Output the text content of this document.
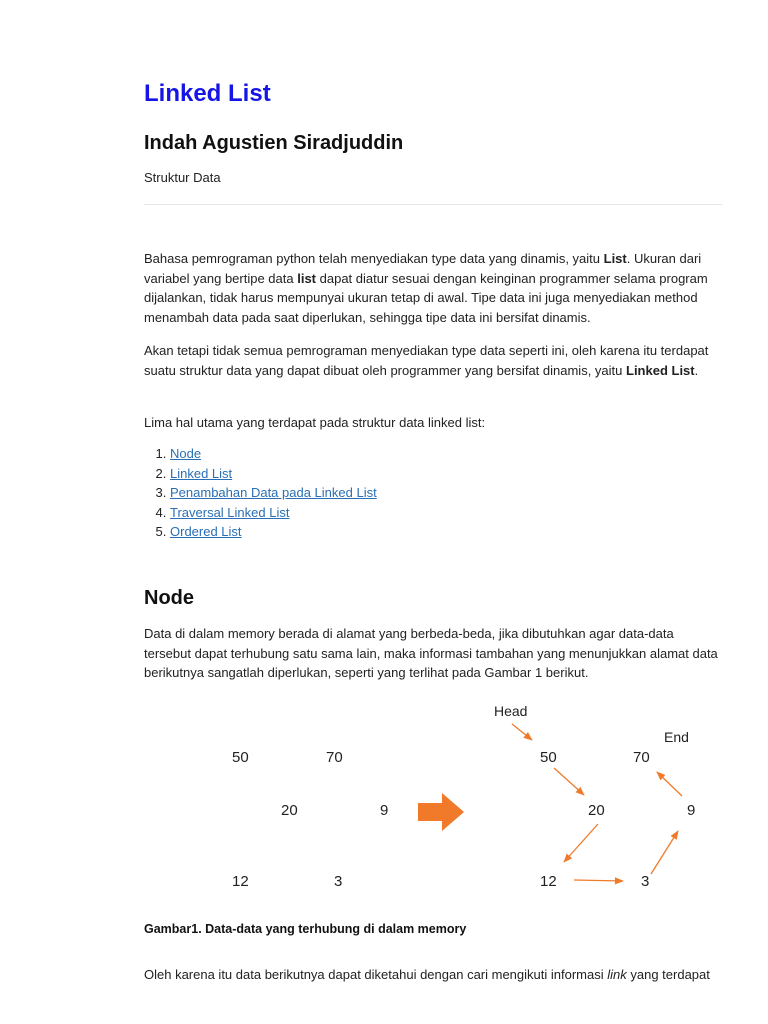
Linked List
Indah Agustien Siradjuddin
Struktur Data

Bahasa pemrograman python telah menyediakan type data yang dinamis, yaitu List. Ukuran dari variabel yang bertipe data list dapat diatur sesuai dengan keinginan programmer selama program dijalankan, tidak harus mempunyai ukuran tetap di awal. Tipe data ini juga menyediakan method menambah data pada saat diperlukan, sehingga tipe data ini bersifat dinamis.

Akan tetapi tidak semua pemrograman menyediakan type data seperti ini, oleh karena itu terdapat suatu struktur data yang dapat dibuat oleh programmer yang bersifat dinamis, yaitu Linked List.

Lima hal utama yang terdapat pada struktur data linked list:

1. Node
2. Linked List
3. Penambahan Data pada Linked List
4. Traversal Linked List
5. Ordered List
Node

Data di dalam memory berada di alamat yang berbeda-beda, jika dibutuhkan agar data-data tersebut dapat terhubung satu sama lain, maka informasi tambahan yang menunjukkan alamat data berikutnya sangatlah diperlukan, seperti yang terlihat pada Gambar 1 berikut.

50	70
20	9
12	3
Head
End
50	70
20	9
12	3
Gambar1. Data-data yang terhubung di dalam memory

Oleh karena itu data berikutnya dapat diketahui dengan cari mengikuti informasi link yang terdapat
